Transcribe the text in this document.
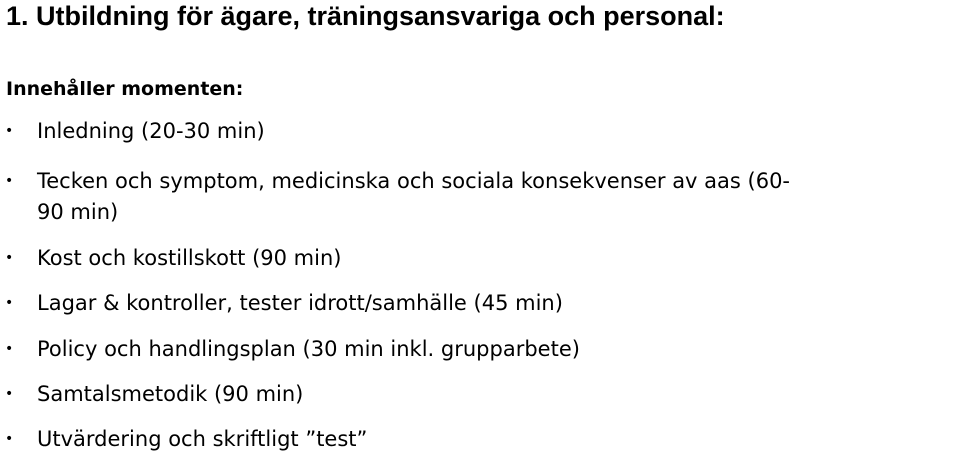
1. Utbildning för ägare, träningsansvariga och personal:
Innehåller momenten:
• Inledning (20-30 min)
• Tecken och symptom, medicinska och sociala konsekvenser av aas (60-
90 min)
• Kost och kostillskott (90 min)
• Lagar & kontroller, tester idrott/samhälle (45 min)
• Policy och handlingsplan (30 min inkl. grupparbete)
• Samtalsmetodik (90 min)
• Utvärdering och skriftligt ”test”
